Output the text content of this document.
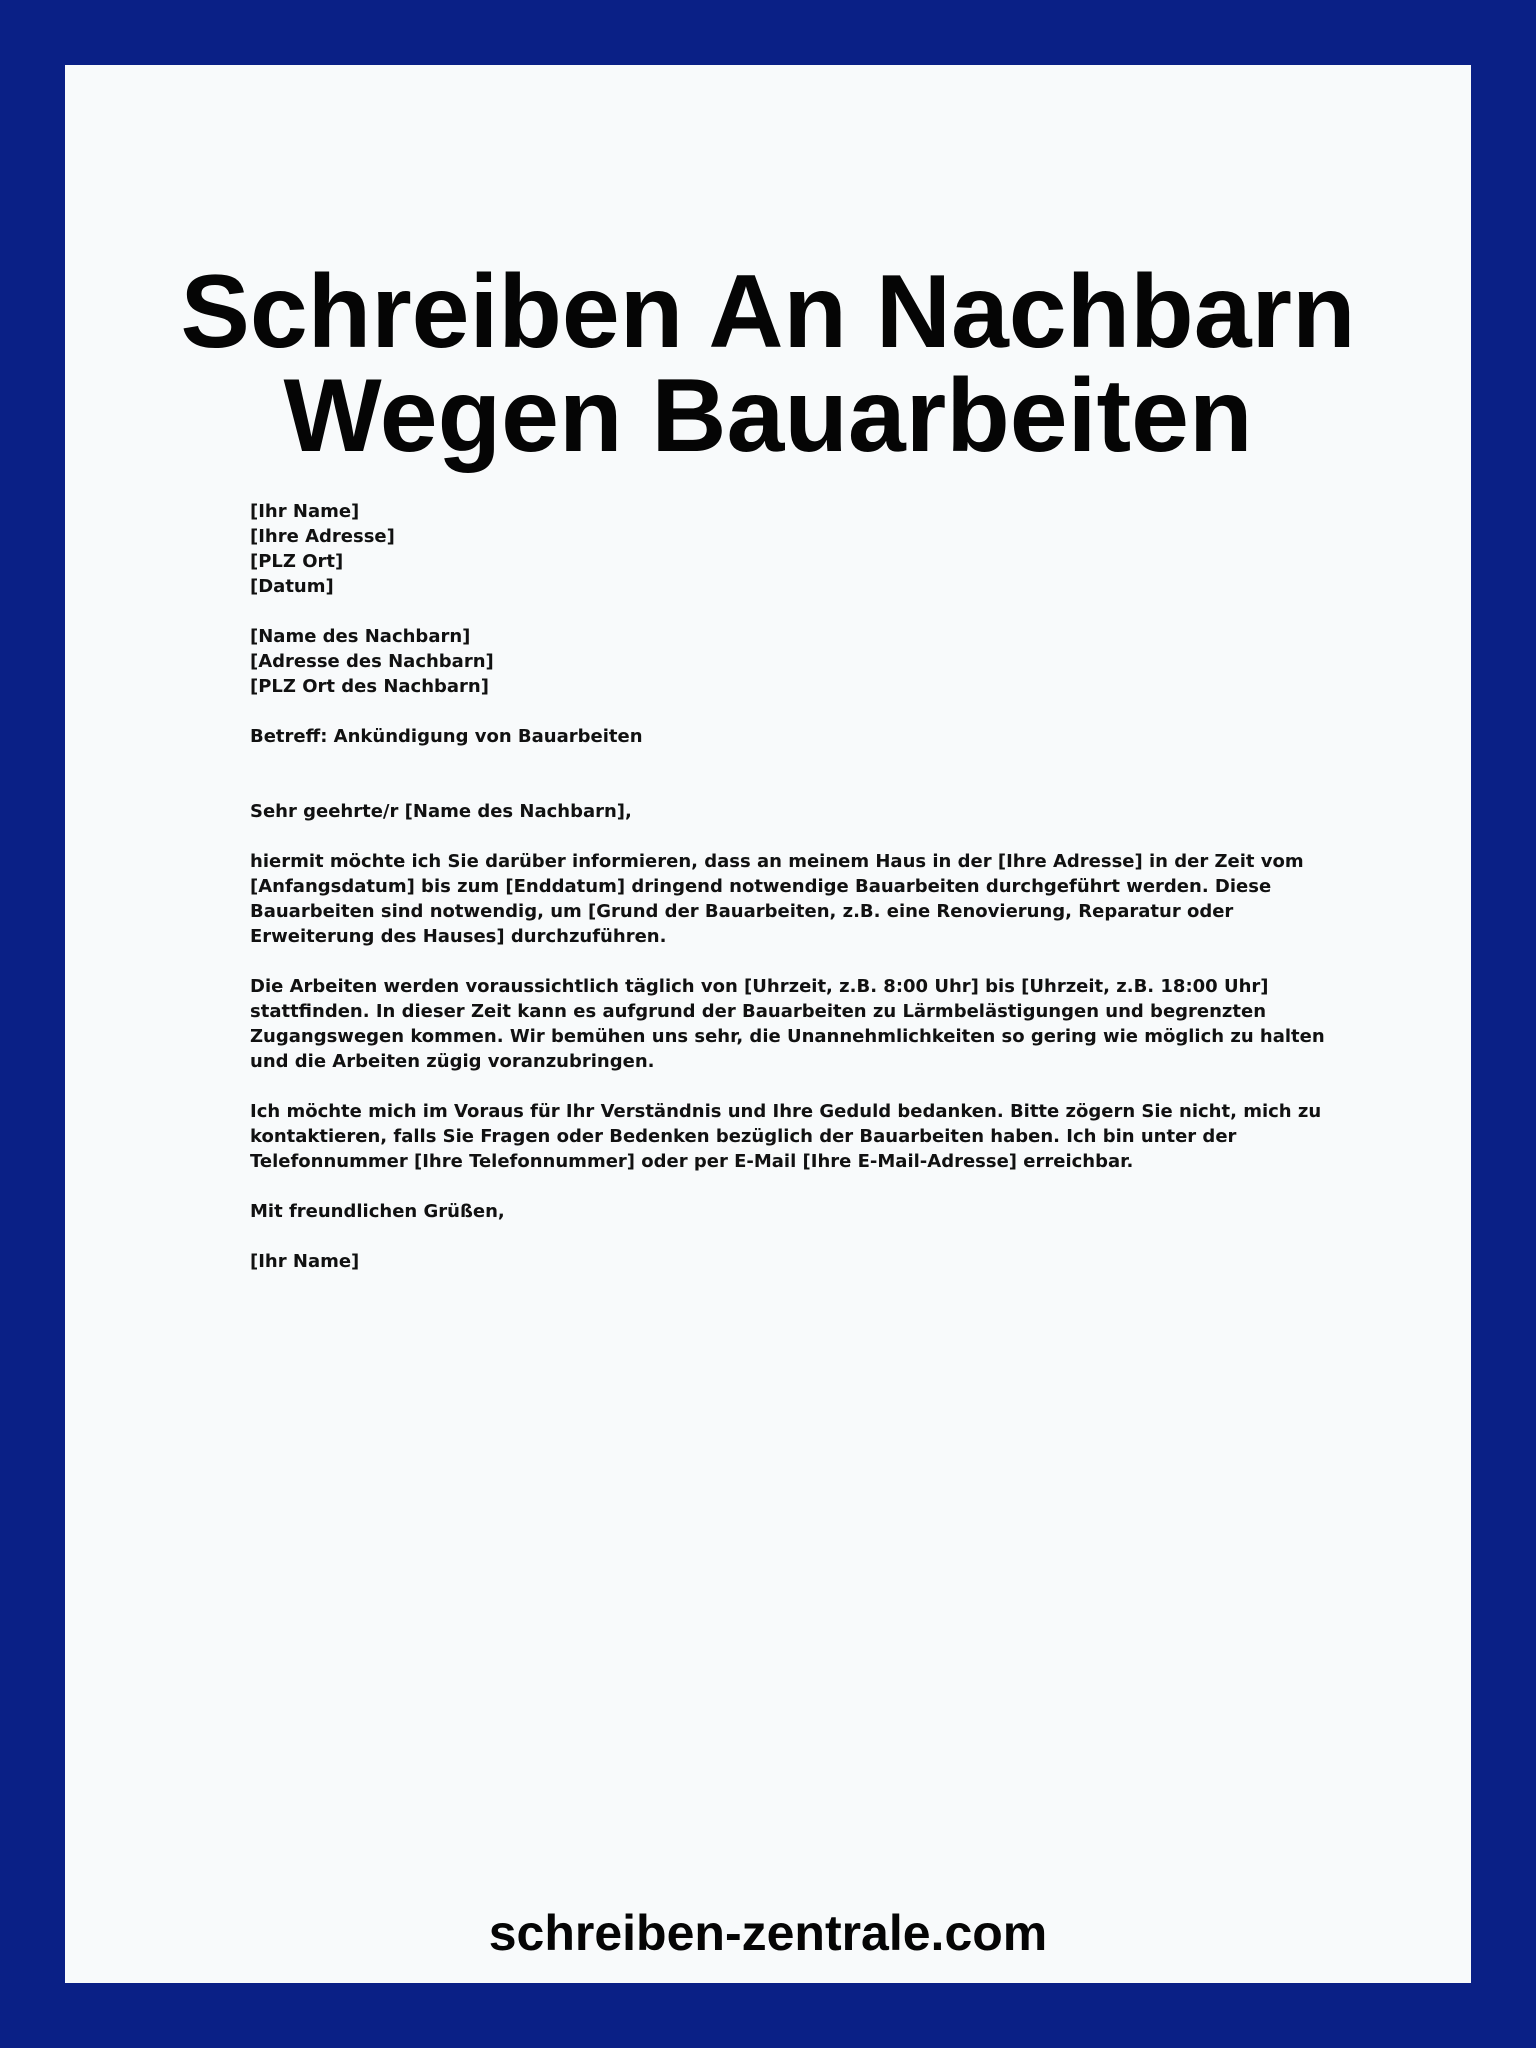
Schreiben An Nachbarn
Wegen Bauarbeiten

[Ihr Name]
[Ihre Adresse]
[PLZ Ort]
[Datum]

[Name des Nachbarn]
[Adresse des Nachbarn]
[PLZ Ort des Nachbarn]

Betreff: Ankündigung von Bauarbeiten

Sehr geehrte/r [Name des Nachbarn],

hiermit möchte ich Sie darüber informieren, dass an meinem Haus in der [Ihre Adresse] in der Zeit vom [Anfangsdatum] bis zum [Enddatum] dringend notwendige Bauarbeiten durchgeführt werden. Diese Bauarbeiten sind notwendig, um [Grund der Bauarbeiten, z.B. eine Renovierung, Reparatur oder Erweiterung des Hauses] durchzuführen.

Die Arbeiten werden voraussichtlich täglich von [Uhrzeit, z.B. 8:00 Uhr] bis [Uhrzeit, z.B. 18:00 Uhr] stattfinden. In dieser Zeit kann es aufgrund der Bauarbeiten zu Lärmbelästigungen und begrenzten Zugangswegen kommen. Wir bemühen uns sehr, die Unannehmlichkeiten so gering wie möglich zu halten und die Arbeiten zügig voranzubringen.

Ich möchte mich im Voraus für Ihr Verständnis und Ihre Geduld bedanken. Bitte zögern Sie nicht, mich zu kontaktieren, falls Sie Fragen oder Bedenken bezüglich der Bauarbeiten haben. Ich bin unter der Telefonnummer [Ihre Telefonnummer] oder per E-Mail [Ihre E-Mail-Adresse] erreichbar.

Mit freundlichen Grüßen,

[Ihr Name]

schreiben-zentrale.com
